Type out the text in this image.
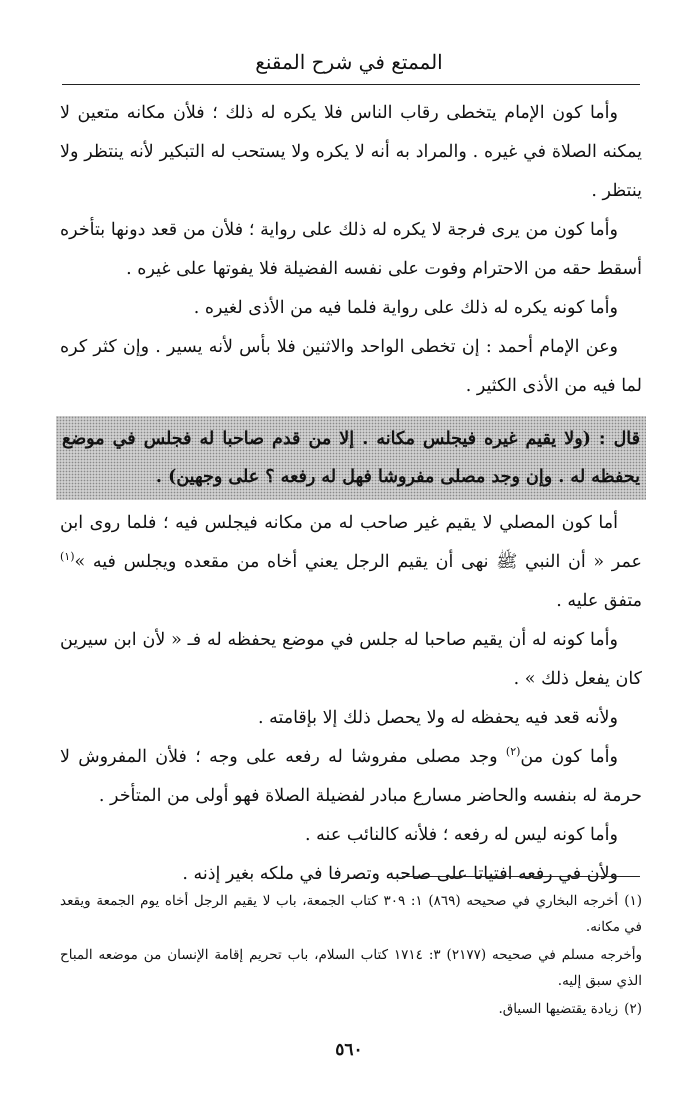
الممتع في شرح المقنع

وأما كون الإمام يتخطى رقاب الناس فلا يكره له ذلك ؛ فلأن مكانه متعين لا يمكنه الصلاة في غيره . والمراد به أنه لا يكره ولا يستحب له التبكير لأنه ينتظر ولا ينتظر .

وأما كون من يرى فرجة لا يكره له ذلك على رواية ؛ فلأن من قعد دونها بتأخره أسقط حقه من الاحترام وفوت على نفسه الفضيلة فلا يفوتها على غيره .

وأما كونه يكره له ذلك على رواية فلما فيه من الأذى لغيره .

وعن الإمام أحمد : إن تخطى الواحد والاثنين فلا بأس لأنه يسير . وإن كثر كره لما فيه من الأذى الكثير .

قال : (ولا يقيم غيره فيجلس مكانه . إلا من قدم صاحبا له فجلس في موضع يحفظه له . وإن وجد مصلى مفروشا فهل له رفعه ؟ على وجهين) .

أما كون المصلي لا يقيم غير صاحب له من مكانه فيجلس فيه ؛ فلما روى ابن عمر « أن النبي ﷺ نهى أن يقيم الرجل يعني أخاه من مقعده ويجلس فيه »$^{(١)}$ متفق عليه .

وأما كونه له أن يقيم صاحبا له جلس في موضع يحفظه له فـ « لأن ابن سيرين كان يفعل ذلك » .

ولأنه قعد فيه يحفظه له ولا يحصل ذلك إلا بإقامته .

وأما كون من$^{(٢)}$ وجد مصلى مفروشا له رفعه على وجه ؛ فلأن المفروش لا حرمة له بنفسه والحاضر مسارع مبادر لفضيلة الصلاة فهو أولى من المتأخر .

وأما كونه ليس له رفعه ؛ فلأنه كالنائب عنه .

ولأن في رفعه افتياتا على صاحبه وتصرفا في ملكه بغير إذنه .

(١)أخرجه البخاري في صحيحه (٨٦٩) ١: ٣٠٩ كتاب الجمعة، باب لا يقيم الرجل أخاه يوم الجمعة ويقعد في مكانه.

وأخرجه مسلم في صحيحه (٢١٧٧) ٣: ١٧١٤ كتاب السلام، باب تحريم إقامة الإنسان من موضعه المباح الذي سبق إليه.

(٢)زيادة يقتضيها السياق.

٥٦٠
